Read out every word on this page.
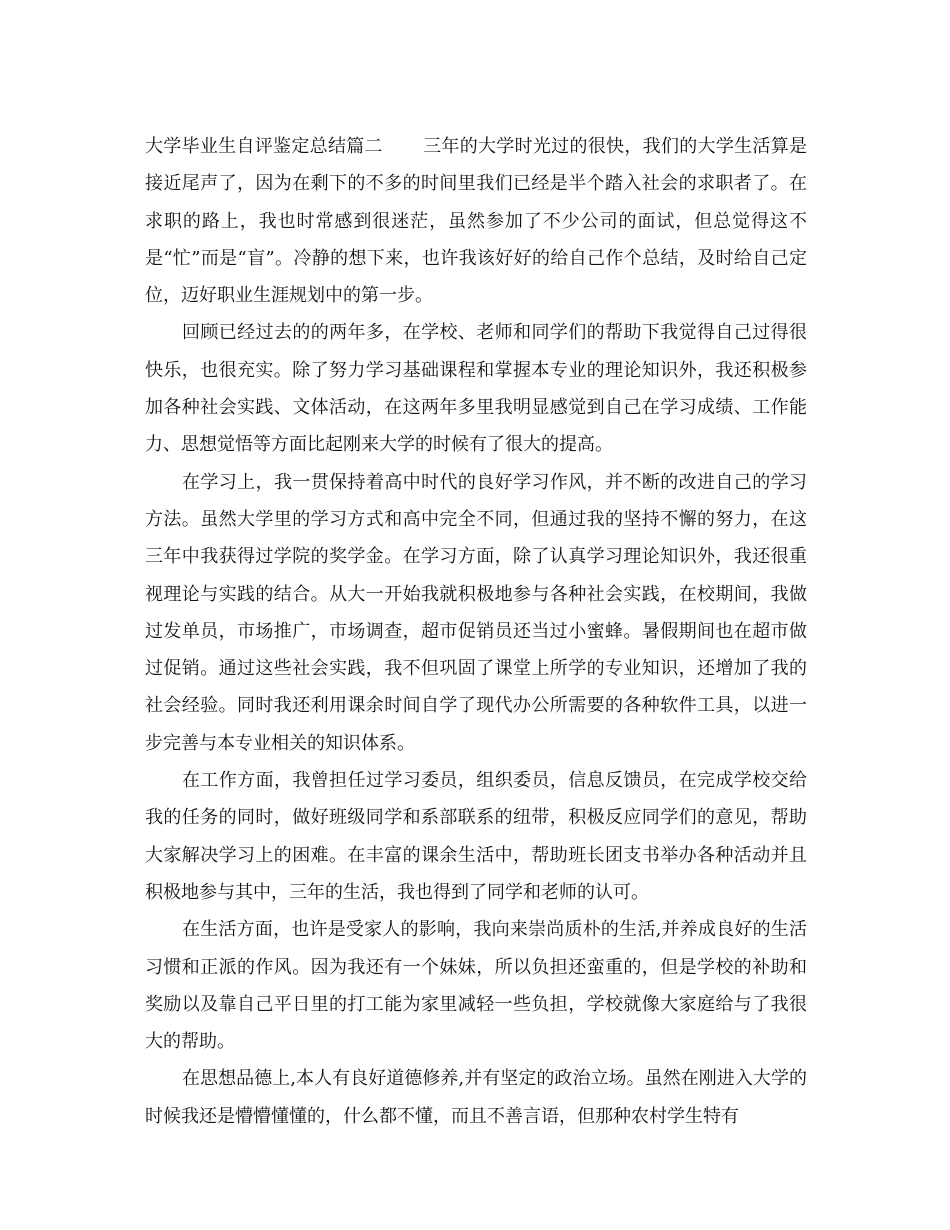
大学毕业生自评鉴定总结篇二 三年的大学时光过的很快，我们的大学生活算是接近尾声了，因为在剩下的不多的时间里我们已经是半个踏入社会的求职者了。在求职的路上，我也时常感到很迷茫，虽然参加了不少公司的面试，但总觉得这不是“忙”而是“盲”。冷静的想下来，也许我该好好的给自己作个总结，及时给自己定位，迈好职业生涯规划中的第一步。

回顾已经过去的的两年多，在学校、老师和同学们的帮助下我觉得自己过得很快乐，也很充实。除了努力学习基础课程和掌握本专业的理论知识外，我还积极参加各种社会实践、文体活动，在这两年多里我明显感觉到自己在学习成绩、工作能力、思想觉悟等方面比起刚来大学的时候有了很大的提高。

在学习上，我一贯保持着高中时代的良好学习作风，并不断的改进自己的学习方法。虽然大学里的学习方式和高中完全不同，但通过我的坚持不懈的努力，在这三年中我获得过学院的奖学金。在学习方面，除了认真学习理论知识外，我还很重视理论与实践的结合。从大一开始我就积极地参与各种社会实践，在校期间，我做过发单员，市场推广，市场调查，超市促销员还当过小蜜蜂。暑假期间也在超市做过促销。通过这些社会实践，我不但巩固了课堂上所学的专业知识，还增加了我的社会经验。同时我还利用课余时间自学了现代办公所需要的各种软件工具，以进一步完善与本专业相关的知识体系。

在工作方面，我曾担任过学习委员，组织委员，信息反馈员，在完成学校交给我的任务的同时，做好班级同学和系部联系的纽带，积极反应同学们的意见，帮助大家解决学习上的困难。在丰富的课余生活中，帮助班长团支书举办各种活动并且积极地参与其中，三年的生活，我也得到了同学和老师的认可。

在生活方面，也许是受家人的影响，我向来崇尚质朴的生活,并养成良好的生活习惯和正派的作风。因为我还有一个妹妹，所以负担还蛮重的，但是学校的补助和奖励以及靠自己平日里的打工能为家里减轻一些负担，学校就像大家庭给与了我很大的帮助。

在思想品德上,本人有良好道德修养,并有坚定的政治立场。虽然在刚进入大学的时候我还是懵懵懂懂的，什么都不懂，而且不善言语，但那种农村学生特有
